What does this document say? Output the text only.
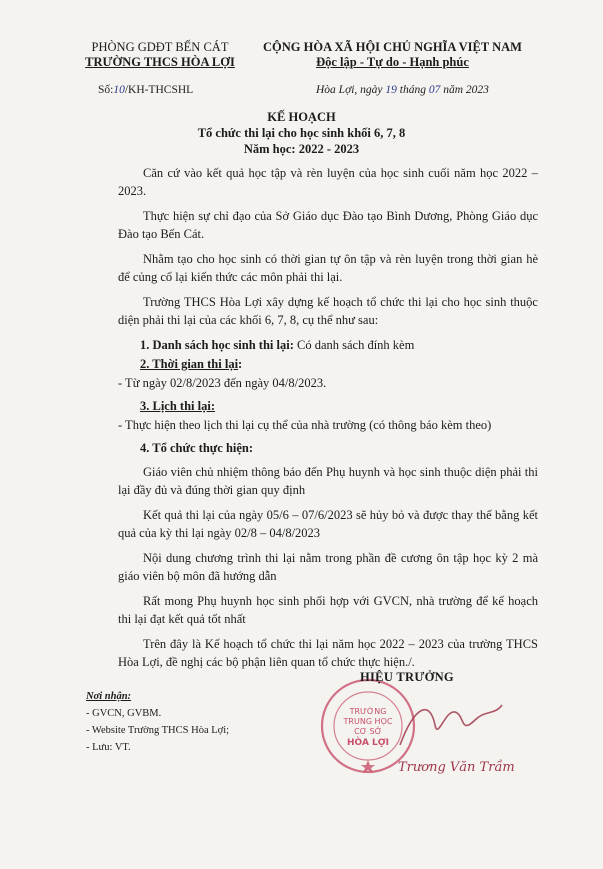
PHÒNG GDĐT BẾN CÁT
TRƯỜNG THCS HÒA LỢI
CỘNG HÒA XÃ HỘI CHỦ NGHĨA VIỆT NAM
Độc lập - Tự do - Hạnh phúc
Số:10/KH-THCSHL	Hòa Lợi, ngày 19 tháng 07 năm 2023
KẾ HOẠCH
Tổ chức thi lại cho học sinh khối 6, 7, 8
Năm học: 2022 - 2023

Căn cứ vào kết quả học tập và rèn luyện của học sinh cuối năm học 2022 – 2023.

Thực hiện sự chỉ đạo của Sở Giáo dục Đào tạo Bình Dương, Phòng Giáo dục Đào tạo Bến Cát.

Nhằm tạo cho học sinh có thời gian tự ôn tập và rèn luyện trong thời gian hè để củng cố lại kiến thức các môn phải thi lại.

Trường THCS Hòa Lợi xây dựng kế hoạch tổ chức thi lại cho học sinh thuộc diện phải thi lại của các khối 6, 7, 8, cụ thể như sau:

1. Danh sách học sinh thi lại: Có danh sách đính kèm

2. Thời gian thi lại:

- Từ ngày 02/8/2023 đến ngày 04/8/2023.

3. Lịch thi lại:

- Thực hiện theo lịch thi lại cụ thể của nhà trường (có thông báo kèm theo)

4. Tổ chức thực hiện:

Giáo viên chủ nhiệm thông báo đến Phụ huynh và học sinh thuộc diện phải thi lại đầy đủ và đúng thời gian quy định

Kết quả thi lại của ngày 05/6 – 07/6/2023 sẽ hủy bỏ và được thay thế bằng kết quả của kỳ thi lại ngày 02/8 – 04/8/2023

Nội dung chương trình thi lại nằm trong phần đề cương ôn tập học kỳ 2 mà giáo viên bộ môn đã hướng dẫn

Rất mong Phụ huynh học sinh phối hợp với GVCN, nhà trường để kế hoạch thi lại đạt kết quả tốt nhất

Trên đây là Kế hoạch tổ chức thi lại năm học 2022 – 2023 của trường THCS Hòa Lợi, đề nghị các bộ phận liên quan tổ chức thực hiện./.

Nơi nhận:
- GVCN, GVBM.
- Website Trường THCS Hòa Lợi;
- Lưu: VT.
TRƯỜNG
TRUNG HỌC
CƠ SỞ
HÒA LỢI
HIỆU TRƯỞNG
Trương Văn Trầm
